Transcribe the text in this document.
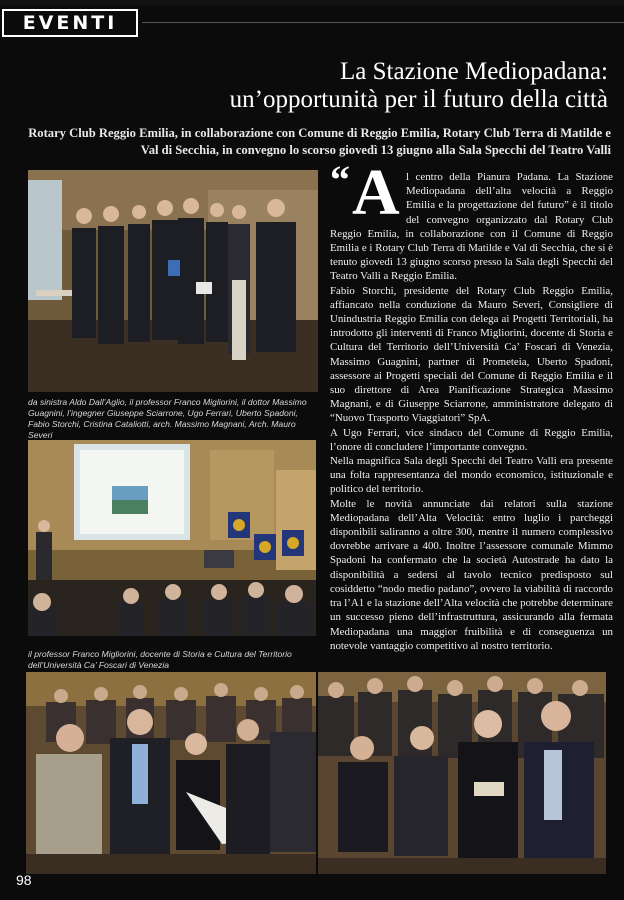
EVENTI
La Stazione Mediopadana:
un’opportunità per il futuro della città
Rotary Club Reggio Emilia, in collaborazione con Comune di Reggio Emilia, Rotary Club Terra di Matilde e Val di Secchia, in convegno lo scorso giovedì 13 giugno alla Sala Specchi del Teatro Valli
da sinistra Aldo Dall’Aglio, il professor Franco Migliorini, il dottor Massimo Guagnini, l’ingegner Giuseppe Sciarrone, Ugo Ferrari, Uberto Spadoni, Fabio Storchi, Cristina Cataliotti, arch. Massimo Magnani, Arch. Mauro Severi
il professor Franco Migliorini, docente di Storia e Cultura del Territorio dell’Università Ca’ Foscari di Venezia

“ A l centro della Pianura Padana. La Stazione Mediopadana dell’alta velocità a Reggio Emilia e la progettazione del futuro” è il titolo del convegno organizzato dal Rotary Club Reggio Emilia, in collaborazione con il Comune di Reggio Emilia e i Rotary Club Terra di Matilde e Val di Secchia, che si è tenuto giovedì 13 giugno scorso presso la Sala degli Specchi del Teatro Valli a Reggio Emilia.

Fabio Storchi, presidente del Rotary Club Reggio Emilia, affiancato nella conduzione da Mauro Severi, Consigliere di Unindustria Reggio Emilia con delega ai Progetti Territoriali, ha introdotto gli interventi di Franco Migliorini, docente di Storia e Cultura del Territorio dell’Università Ca’ Foscari di Venezia, Massimo Guagnini, partner di Prometeia, Uberto Spadoni, assessore ai Progetti speciali del Comune di Reggio Emilia e il suo direttore di Area Pianificazione Strategica Massimo Magnani, e di Giuseppe Sciarrone, amministratore delegato di “Nuovo Trasporto Viaggiatori” SpA.

A Ugo Ferrari, vice sindaco del Comune di Reggio Emilia, l’onore di concludere l’importante convegno.

Nella magnifica Sala degli Specchi del Teatro Valli era presente una folta rappresentanza del mondo economico, istituzionale e politico del territorio.

Molte le novità annunciate dai relatori sulla stazione Mediopadana dell’Alta Velocità: entro luglio i parcheggi disponibili saliranno a oltre 300, mentre il numero complessivo dovrebbe arrivare a 400. Inoltre l’assessore comunale Mimmo Spadoni ha confermato che la società Autostrade ha dato la disponibilità a sedersi al tavolo tecnico predisposto sul cosiddetto “nodo medio padano”, ovvero la viabilità di raccordo tra l’A1 e la stazione dell’Alta velocità che potrebbe determinare un successo pieno dell’infrastruttura, assicurando alla fermata Mediopadana una maggior fruibilità e di conseguenza un notevole vantaggio competitivo al nostro territorio.

98
